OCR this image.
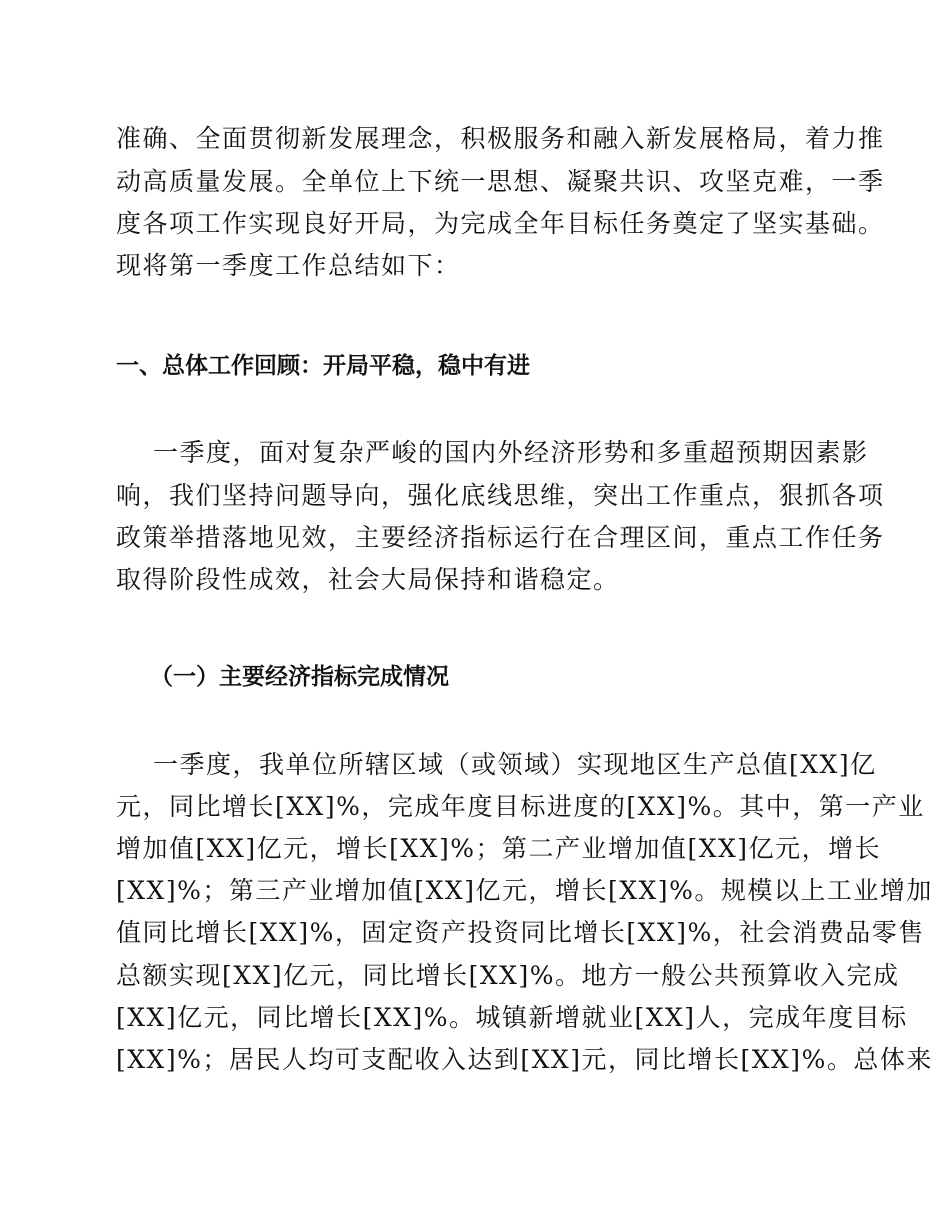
准确、全面贯彻新发展理念，积极服务和融入新发展格局，着力推
动高质量发展。全单位上下统一思想、凝聚共识、攻坚克难，一季
度各项工作实现良好开局，为完成全年目标任务奠定了坚实基础。
现将第一季度工作总结如下：
一、总体工作回顾：开局平稳，稳中有进
一季度，面对复杂严峻的国内外经济形势和多重超预期因素影
响，我们坚持问题导向，强化底线思维，突出工作重点，狠抓各项
政策举措落地见效，主要经济指标运行在合理区间，重点工作任务
取得阶段性成效，社会大局保持和谐稳定。
（一）主要经济指标完成情况
一季度，我单位所辖区域（或领域）实现地区生产总值[XX]亿
元，同比增长[XX]%，完成年度目标进度的[XX]%。其中，第一产业
增加值[XX]亿元，增长[XX]%；第二产业增加值[XX]亿元，增长
[XX]%；第三产业增加值[XX]亿元，增长[XX]%。规模以上工业增加
值同比增长[XX]%，固定资产投资同比增长[XX]%，社会消费品零售
总额实现[XX]亿元，同比增长[XX]%。地方一般公共预算收入完成
[XX]亿元，同比增长[XX]%。城镇新增就业[XX]人，完成年度目标
[XX]%；居民人均可支配收入达到[XX]元，同比增长[XX]%。总体来
